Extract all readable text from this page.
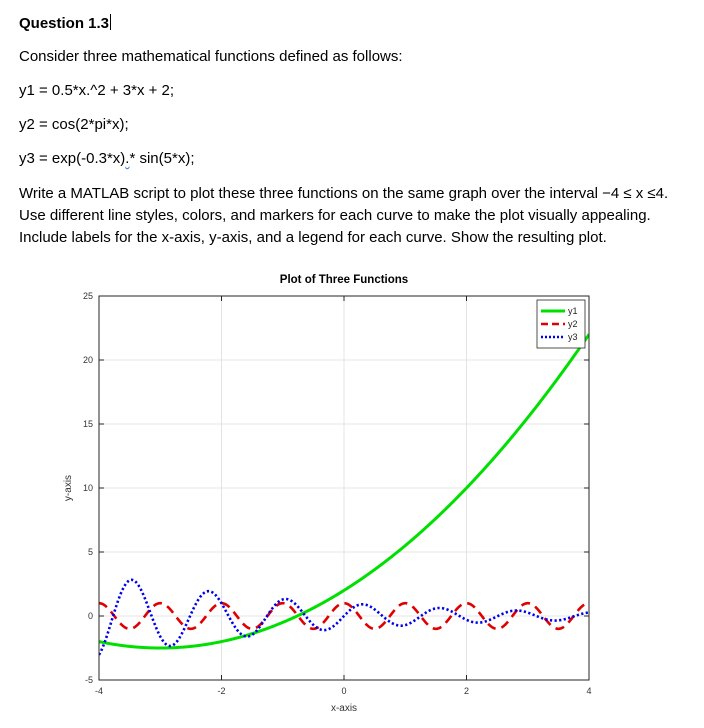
Question 1.3
Consider three mathematical functions defined as follows:
y1 = 0.5*x.^2 + 3*x + 2;
y2 = cos(2*pi*x);
y3 = exp(-0.3*x).* sin(5*x);
Write a MATLAB script to plot these three functions on the same graph over the interval −4 ≤ x ≤4.
Use different line styles, colors, and markers for each curve to make the plot visually appealing.
Include labels for the x-axis, y-axis, and a legend for each curve. Show the resulting plot.
-4	-2	0	2	4
-5
0
5
10
15
20
25
Plot of Three Functions
x-axis
y-axis
y1
y2
y3
